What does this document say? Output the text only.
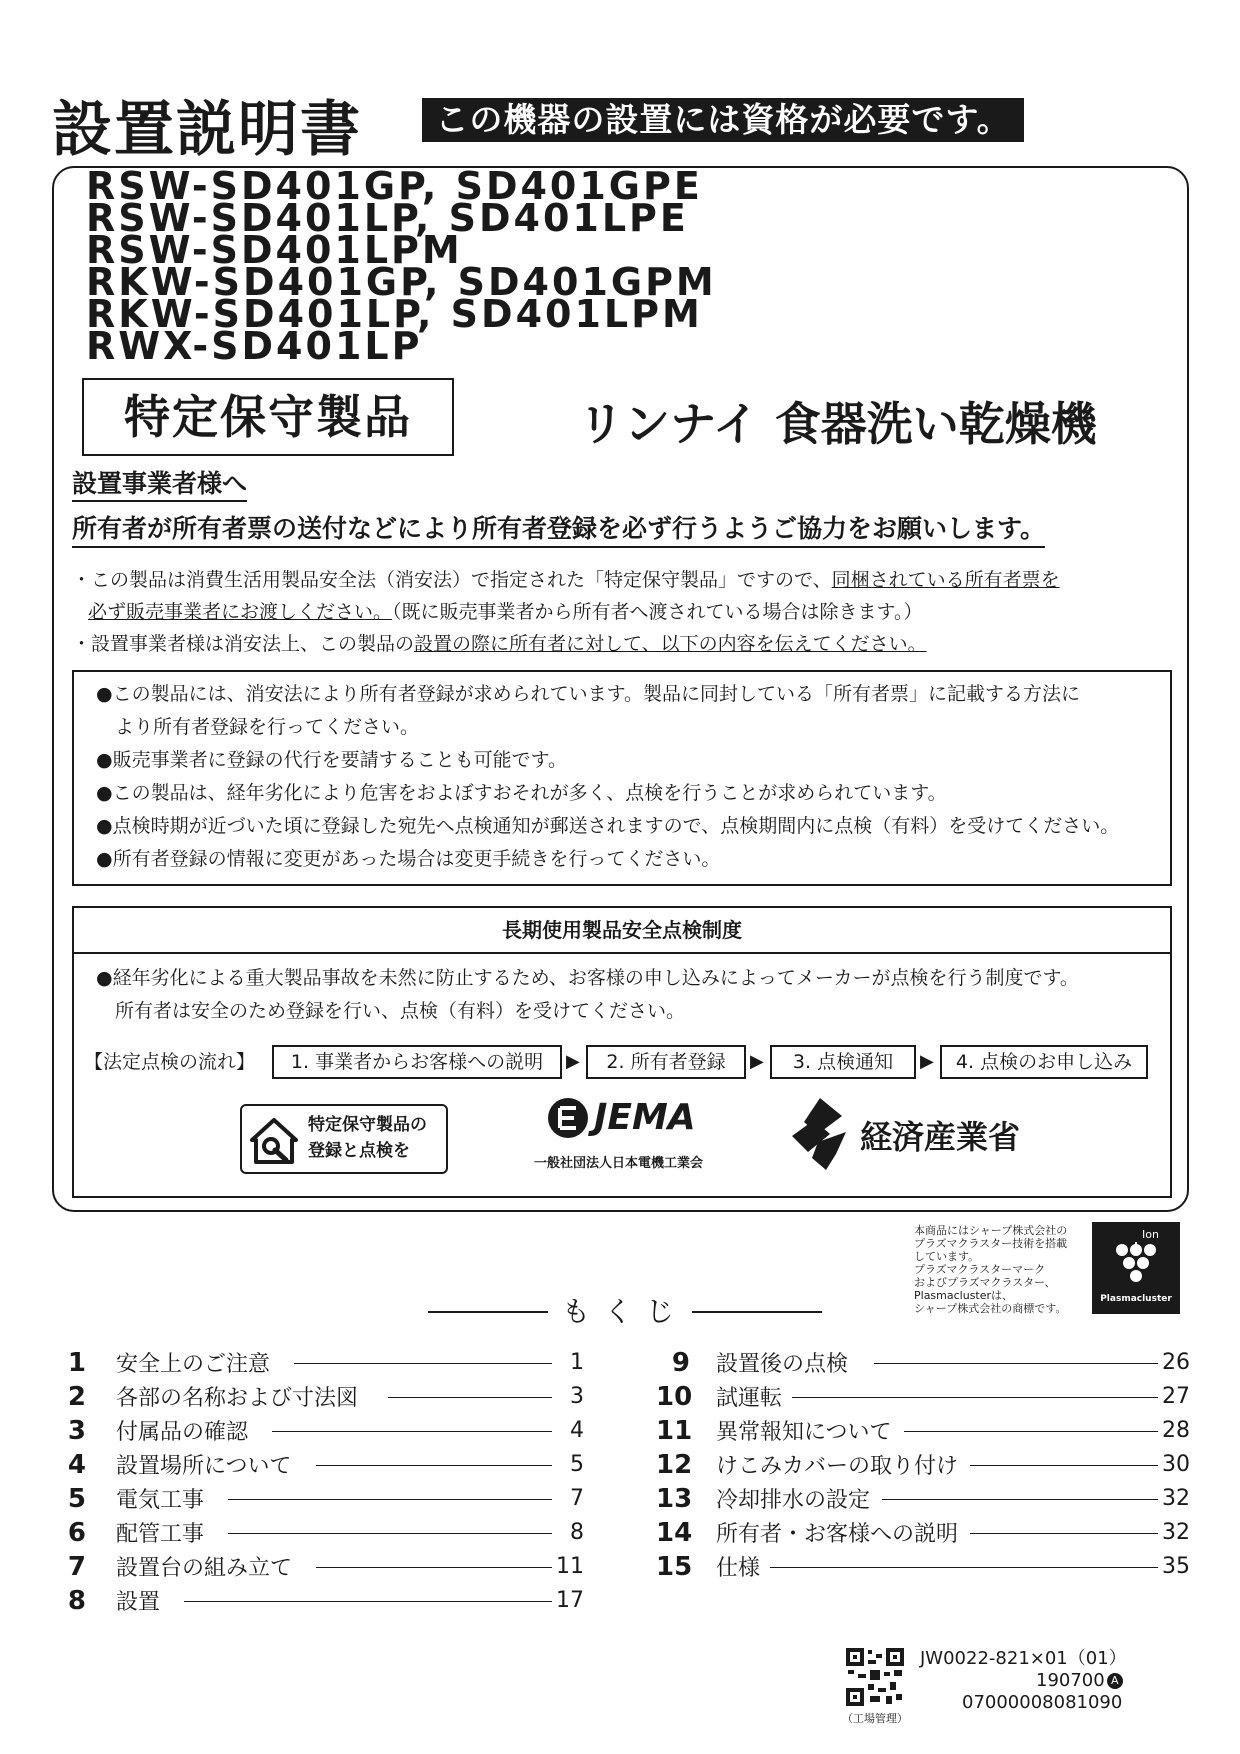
設置説明書	この機器の設置には資格が必要です。
RSW-SD401GP, SD401GPE
RSW-SD401LP, SD401LPE
RSW-SD401LPM
RKW-SD401GP, SD401GPM
RKW-SD401LP, SD401LPM
RWX-SD401LP
特定保守製品	リンナイ 食器洗い乾燥機
設置事業者様へ
所有者が所有者票の送付などにより所有者登録を必ず行うようご協力をお願いします。
・この製品は消費生活用製品安全法（消安法）で指定された「特定保守製品」ですので、同梱されている所有者票を
必ず販売事業者にお渡しください。（既に販売事業者から所有者へ渡されている場合は除きます。）
・設置事業者様は消安法上、この製品の設置の際に所有者に対して、以下の内容を伝えてください。
●この製品には、消安法により所有者登録が求められています。製品に同封している「所有者票」に記載する方法に
　より所有者登録を行ってください。
●販売事業者に登録の代行を要請することも可能です。
●この製品は、経年劣化により危害をおよぼすおそれが多く、点検を行うことが求められています。
●点検時期が近づいた頃に登録した宛先へ点検通知が郵送されますので、点検期間内に点検（有料）を受けてください。
●所有者登録の情報に変更があった場合は変更手続きを行ってください。
長期使用製品安全点検制度
●経年劣化による重大製品事故を未然に防止するため、お客様の申し込みによってメーカーが点検を行う制度です。
　所有者は安全のため登録を行い、点検（有料）を受けてください。
【法定点検の流れ】	1. 事業者からお客様への説明	▶	2. 所有者登録	▶	3. 点検通知	▶	4. 点検のお申し込み
特定保守製品の
登録と点検を
JEMA
一般社団法人日本電機工業会
経済産業省
本商品にはシャープ株式会社の
プラズマクラスター技術を搭載
しています。
プラズマクラスターマーク
およびプラズマクラスター、
Plasmaclusterは、
シャープ株式会社の商標です。
Ion
Plasmacluster
もくじ
1 安全上のご注意	1
2 各部の名称および寸法図	3
3 付属品の確認	4
4 設置場所について	5
5 電気工事	7
6 配管工事	8
7 設置台の組み立て	11
8 設置	17
9 設置後の点検	26
10 試運転	27
11 異常報知について	28
12 けこみカバーの取り付け	30
13 冷却排水の設定	32
14 所有者・お客様への説明	32
15 仕様	35
（工場管理）
JW0022-821×01（01）
190700 A
07000008081090
